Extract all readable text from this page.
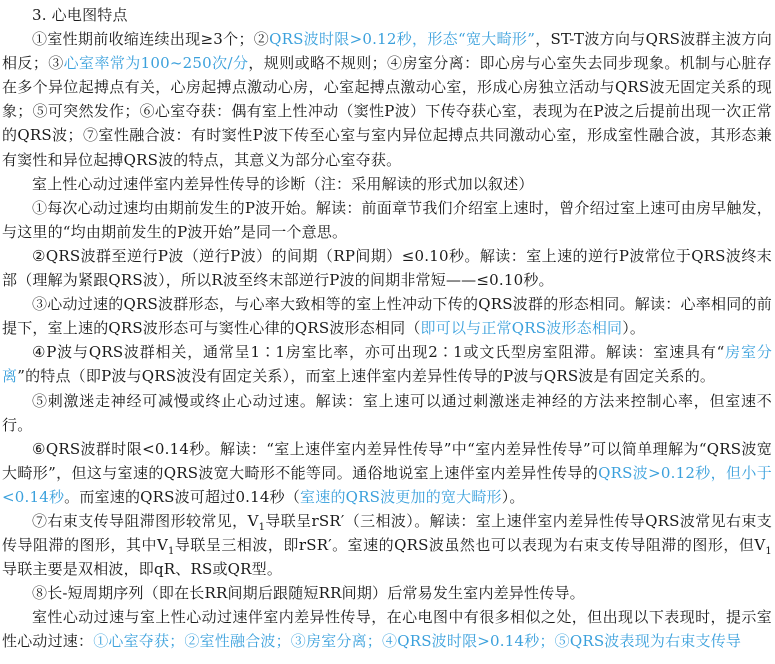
3. 心电图特点

①室性期前收缩连续出现≥3个；②QRS波时限>0.12秒，形态“宽大畸形”，ST-T波方向与QRS波群主波方向相反；③心室率常为100~250次/分，规则或略不规则；④房室分离：即心房与心室失去同步现象。机制与心脏存在多个异位起搏点有关，心房起搏点激动心房，心室起搏点激动心室，形成心房独立活动与QRS波无固定关系的现象；⑤可突然发作；⑥心室夺获：偶有室上性冲动（窦性P波）下传夺获心室，表现为在P波之后提前出现一次正常的QRS波；⑦室性融合波：有时窦性P波下传至心室与室内异位起搏点共同激动心室，形成室性融合波，其形态兼有窦性和异位起搏QRS波的特点，其意义为部分心室夺获。

室上性心动过速伴室内差异性传导的诊断（注：采用解读的形式加以叙述）

①每次心动过速均由期前发生的P波开始。解读：前面章节我们介绍室上速时，曾介绍过室上速可由房早触发，与这里的“均由期前发生的P波开始”是同一个意思。

②QRS波群至逆行P波（逆行P波）的间期（RP间期）≤0.10秒。解读：室上速的逆行P波常位于QRS波终末部（理解为紧跟QRS波），所以R波至终末部逆行P波的间期非常短——≤0.10秒。

③心动过速的QRS波群形态，与心率大致相等的室上性冲动下传的QRS波群的形态相同。解读：心率相同的前提下，室上速的QRS波形态可与窦性心律的QRS波形态相同（即可以与正常QRS波形态相同）。

④P波与QRS波群相关，通常呈1∶1房室比率，亦可出现2∶1或文氏型房室阻滞。解读：室速具有“房室分离”的特点（即P波与QRS波没有固定关系），而室上速伴室内差异性传导的P波与QRS波是有固定关系的。

⑤刺激迷走神经可减慢或终止心动过速。解读：室上速可以通过刺激迷走神经的方法来控制心率，但室速不行。

⑥QRS波群时限<0.14秒。解读：“室上速伴室内差异性传导”中“室内差异性传导”可以简单理解为“QRS波宽大畸形”，但这与室速的QRS波宽大畸形不能等同。通俗地说室上速伴室内差异性传导的QRS波>0.12秒，但小于<0.14秒。而室速的QRS波可超过0.14秒（室速的QRS波更加的宽大畸形）。

⑦右束支传导阻滞图形较常见，$V_1$导联呈rSR′（三相波）。解读：室上速伴室内差异性传导QRS波常见右束支传导阻滞的图形，其中$V_1$导联呈三相波，即rSR′。室速的QRS波虽然也可以表现为右束支传导阻滞的图形，但$V_1$导联主要是双相波，即qR、RS或QR型。

⑧长-短周期序列（即在长RR间期后跟随短RR间期）后常易发生室内差异性传导。

室性心动过速与室上性心动过速伴室内差异性传导，在心电图中有很多相似之处，但出现以下表现时，提示室性心动过速：①心室夺获；②室性融合波；③房室分离；④QRS波时限>0.14秒；⑤QRS波表现为右束支传导
